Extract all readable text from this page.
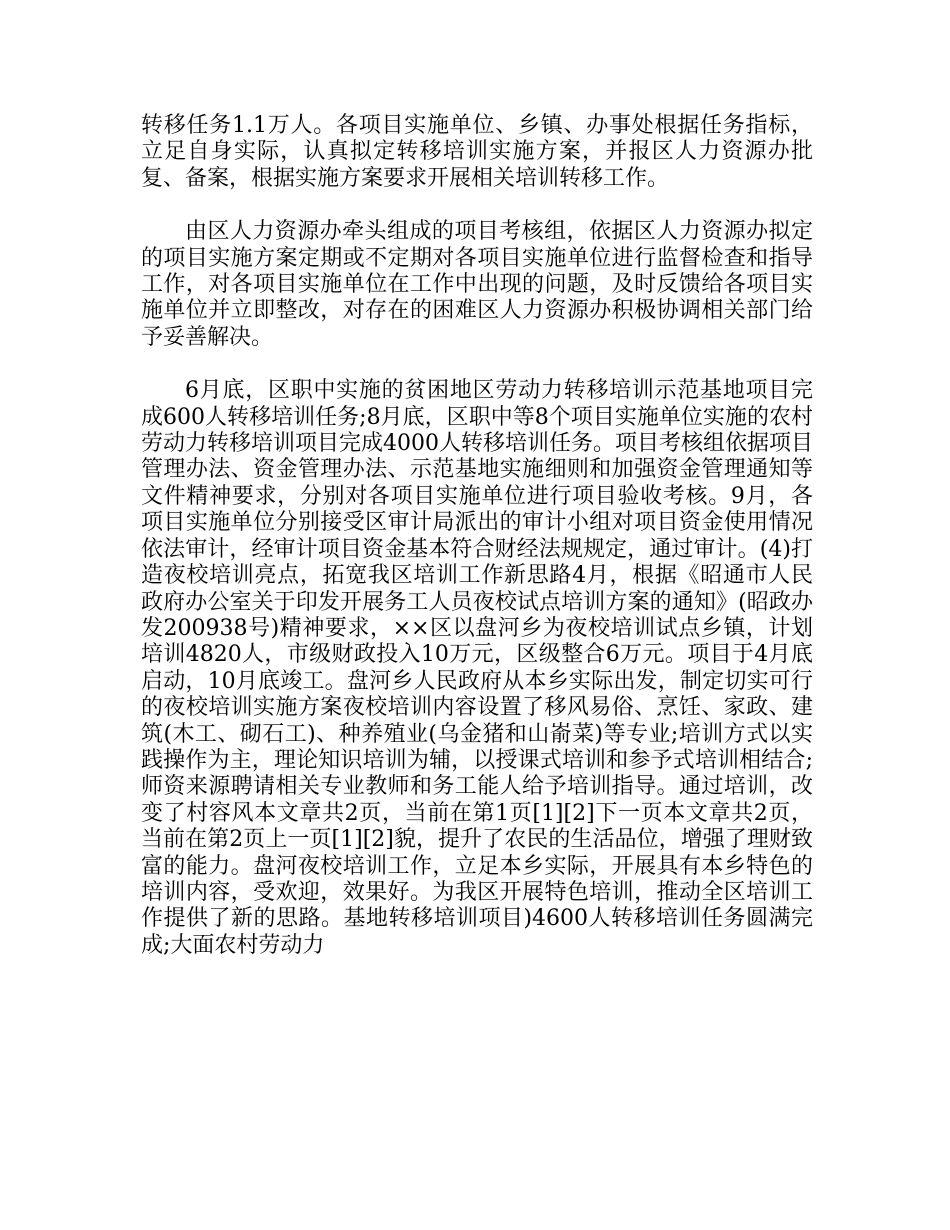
转移任务1.1万人。各项目实施单位、乡镇、办事处根据任务指标，立足自身实际，认真拟定转移培训实施方案，并报区人力资源办批复、备案，根据实施方案要求开展相关培训转移工作。

由区人力资源办牵头组成的项目考核组，依据区人力资源办拟定的项目实施方案定期或不定期对各项目实施单位进行监督检查和指导工作，对各项目实施单位在工作中出现的问题，及时反馈给各项目实施单位并立即整改，对存在的困难区人力资源办积极协调相关部门给予妥善解决。

6月底，区职中实施的贫困地区劳动力转移培训示范基地项目完成600人转移培训任务;8月底，区职中等8个项目实施单位实施的农村劳动力转移培训项目完成4000人转移培训任务。项目考核组依据项目管理办法、资金管理办法、示范基地实施细则和加强资金管理通知等文件精神要求，分别对各项目实施单位进行项目验收考核。9月，各项目实施单位分别接受区审计局派出的审计小组对项目资金使用情况依法审计，经审计项目资金基本符合财经法规规定，通过审计。(4)打造夜校培训亮点，拓宽我区培训工作新思路4月，根据《昭通市人民政府办公室关于印发开展务工人员夜校试点培训方案的通知》(昭政办发200938号)精神要求，××区以盘河乡为夜校培训试点乡镇，计划培训4820人，市级财政投入10万元，区级整合6万元。项目于4月底启动，10月底竣工。盘河乡人民政府从本乡实际出发，制定切实可行的夜校培训实施方案夜校培训内容设置了移风易俗、烹饪、家政、建筑(木工、砌石工)、种养殖业(乌金猪和山嵛菜)等专业;培训方式以实践操作为主，理论知识培训为辅，以授课式培训和参予式培训相结合;师资来源聘请相关专业教师和务工能人给予培训指导。通过培训，改变了村容风本文章共2页，当前在第1页[1][2]下一页本文章共2页，当前在第2页上一页[1][2]貌，提升了农民的生活品位，增强了理财致富的能力。盘河夜校培训工作，立足本乡实际，开展具有本乡特色的培训内容，受欢迎，效果好。为我区开展特色培训，推动全区培训工作提供了新的思路。基地转移培训项目)4600人转移培训任务圆满完成;大面农村劳动力
